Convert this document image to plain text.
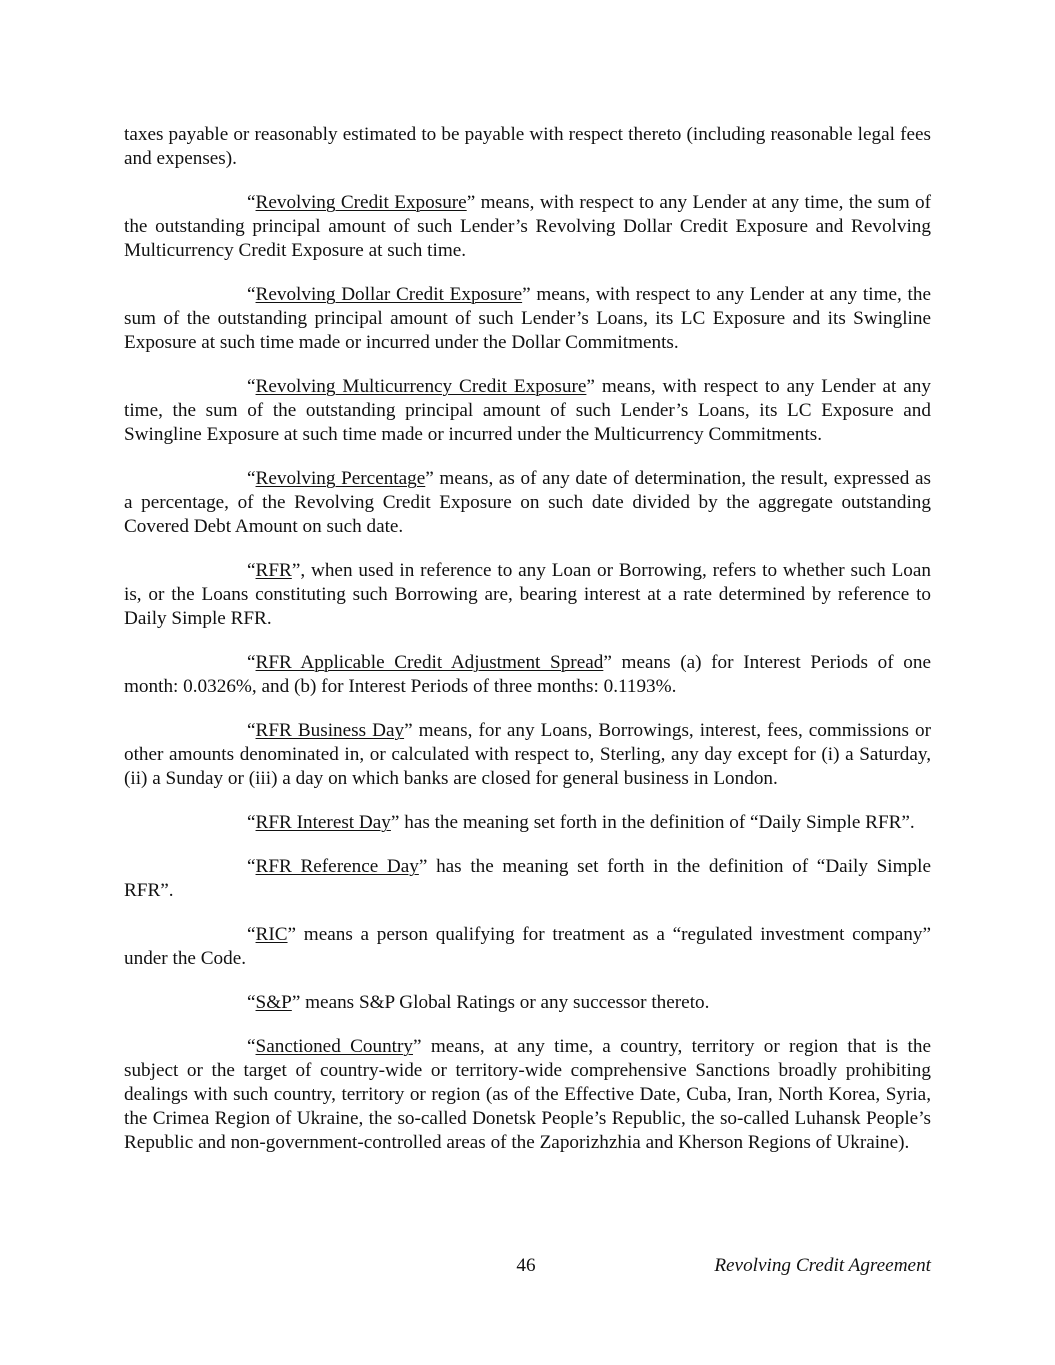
taxes payable or reasonably estimated to be payable with respect thereto (including reasonable legal fees and expenses).

“Revolving Credit Exposure” means, with respect to any Lender at any time, the sum of the outstanding principal amount of such Lender’s Revolving Dollar Credit Exposure and Revolving Multicurrency Credit Exposure at such time.

“Revolving Dollar Credit Exposure” means, with respect to any Lender at any time, the sum of the outstanding principal amount of such Lender’s Loans, its LC Exposure and its Swingline Exposure at such time made or incurred under the Dollar Commitments.

“Revolving Multicurrency Credit Exposure” means, with respect to any Lender at any time, the sum of the outstanding principal amount of such Lender’s Loans, its LC Exposure and Swingline Exposure at such time made or incurred under the Multicurrency Commitments.

“Revolving Percentage” means, as of any date of determination, the result, expressed as a percentage, of the Revolving Credit Exposure on such date divided by the aggregate outstanding Covered Debt Amount on such date.

“RFR”, when used in reference to any Loan or Borrowing, refers to whether such Loan is, or the Loans constituting such Borrowing are, bearing interest at a rate determined by reference to Daily Simple RFR.

“RFR Applicable Credit Adjustment Spread” means (a) for Interest Periods of one month: 0.0326%, and (b) for Interest Periods of three months: 0.1193%.

“RFR Business Day” means, for any Loans, Borrowings, interest, fees, commissions or other amounts denominated in, or calculated with respect to, Sterling, any day except for (i) a Saturday, (ii) a Sunday or (iii) a day on which banks are closed for general business in London.

“RFR Interest Day” has the meaning set forth in the definition of “Daily Simple RFR”.

“RFR Reference Day” has the meaning set forth in the definition of “Daily Simple RFR”.

“RIC” means a person qualifying for treatment as a “regulated investment company” under the Code.

“S&P” means S&P Global Ratings or any successor thereto.

“Sanctioned Country” means, at any time, a country, territory or region that is the subject or the target of country-wide or territory-wide comprehensive Sanctions broadly prohibiting dealings with such country, territory or region (as of the Effective Date, Cuba, Iran, North Korea, Syria, the Crimea Region of Ukraine, the so-called Donetsk People’s Republic, the so-called Luhansk People’s Republic and non-government-controlled areas of the Zaporizhzhia and Kherson Regions of Ukraine).

46	Revolving Credit Agreement
